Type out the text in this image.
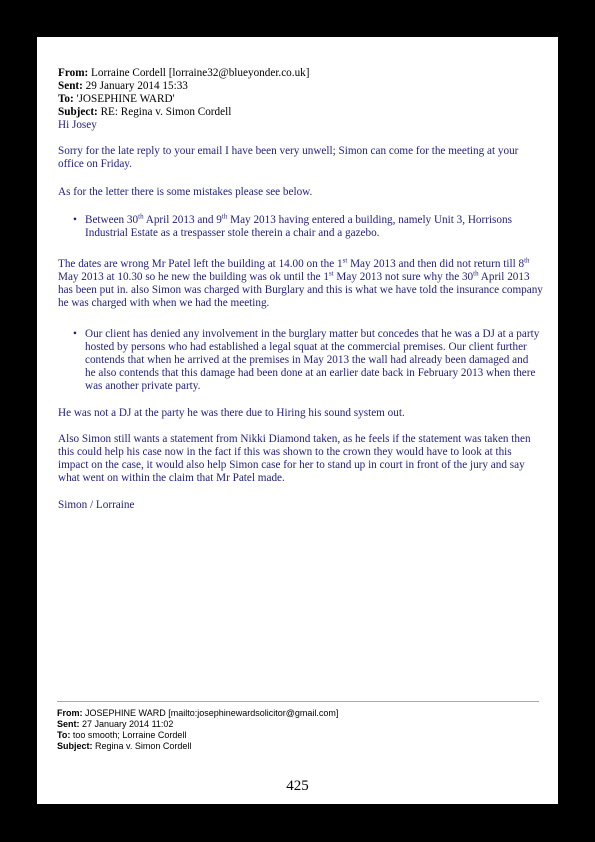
From: Lorraine Cordell [lorraine32@blueyonder.co.uk]
Sent: 29 January 2014 15:33
To: 'JOSEPHINE WARD'
Subject: RE: Regina v. Simon Cordell
Hi Josey
Sorry for the late reply to your email I have been very unwell; Simon can come for the meeting at your office on Friday.
As for the letter there is some mistakes please see below.
• Between 30th April 2013 and 9th May 2013 having entered a building, namely Unit 3, Horrisons Industrial Estate as a trespasser stole therein a chair and a gazebo.
The dates are wrong Mr Patel left the building at 14.00 on the 1st May 2013 and then did not return till 8th May 2013 at 10.30 so he new the building was ok until the 1st May 2013 not sure why the 30th April 2013 has been put in. also Simon was charged with Burglary and this is what we have told the insurance company he was charged with when we had the meeting.
• Our client has denied any involvement in the burglary matter but concedes that he was a DJ at a party hosted by persons who had established a legal squat at the commercial premises. Our client further contends that when he arrived at the premises in May 2013 the wall had already been damaged and he also contends that this damage had been done at an earlier date back in February 2013 when there was another private party.
He was not a DJ at the party he was there due to Hiring his sound system out.
Also Simon still wants a statement from Nikki Diamond taken, as he feels if the statement was taken then this could help his case now in the fact if this was shown to the crown they would have to look at this impact on the case, it would also help Simon case for her to stand up in court in front of the jury and say what went on within the claim that Mr Patel made.
Simon / Lorraine
From: JOSEPHINE WARD [mailto:josephinewardsolicitor@gmail.com]
Sent: 27 January 2014 11:02
To: too smooth; Lorraine Cordell
Subject: Regina v. Simon Cordell
425
